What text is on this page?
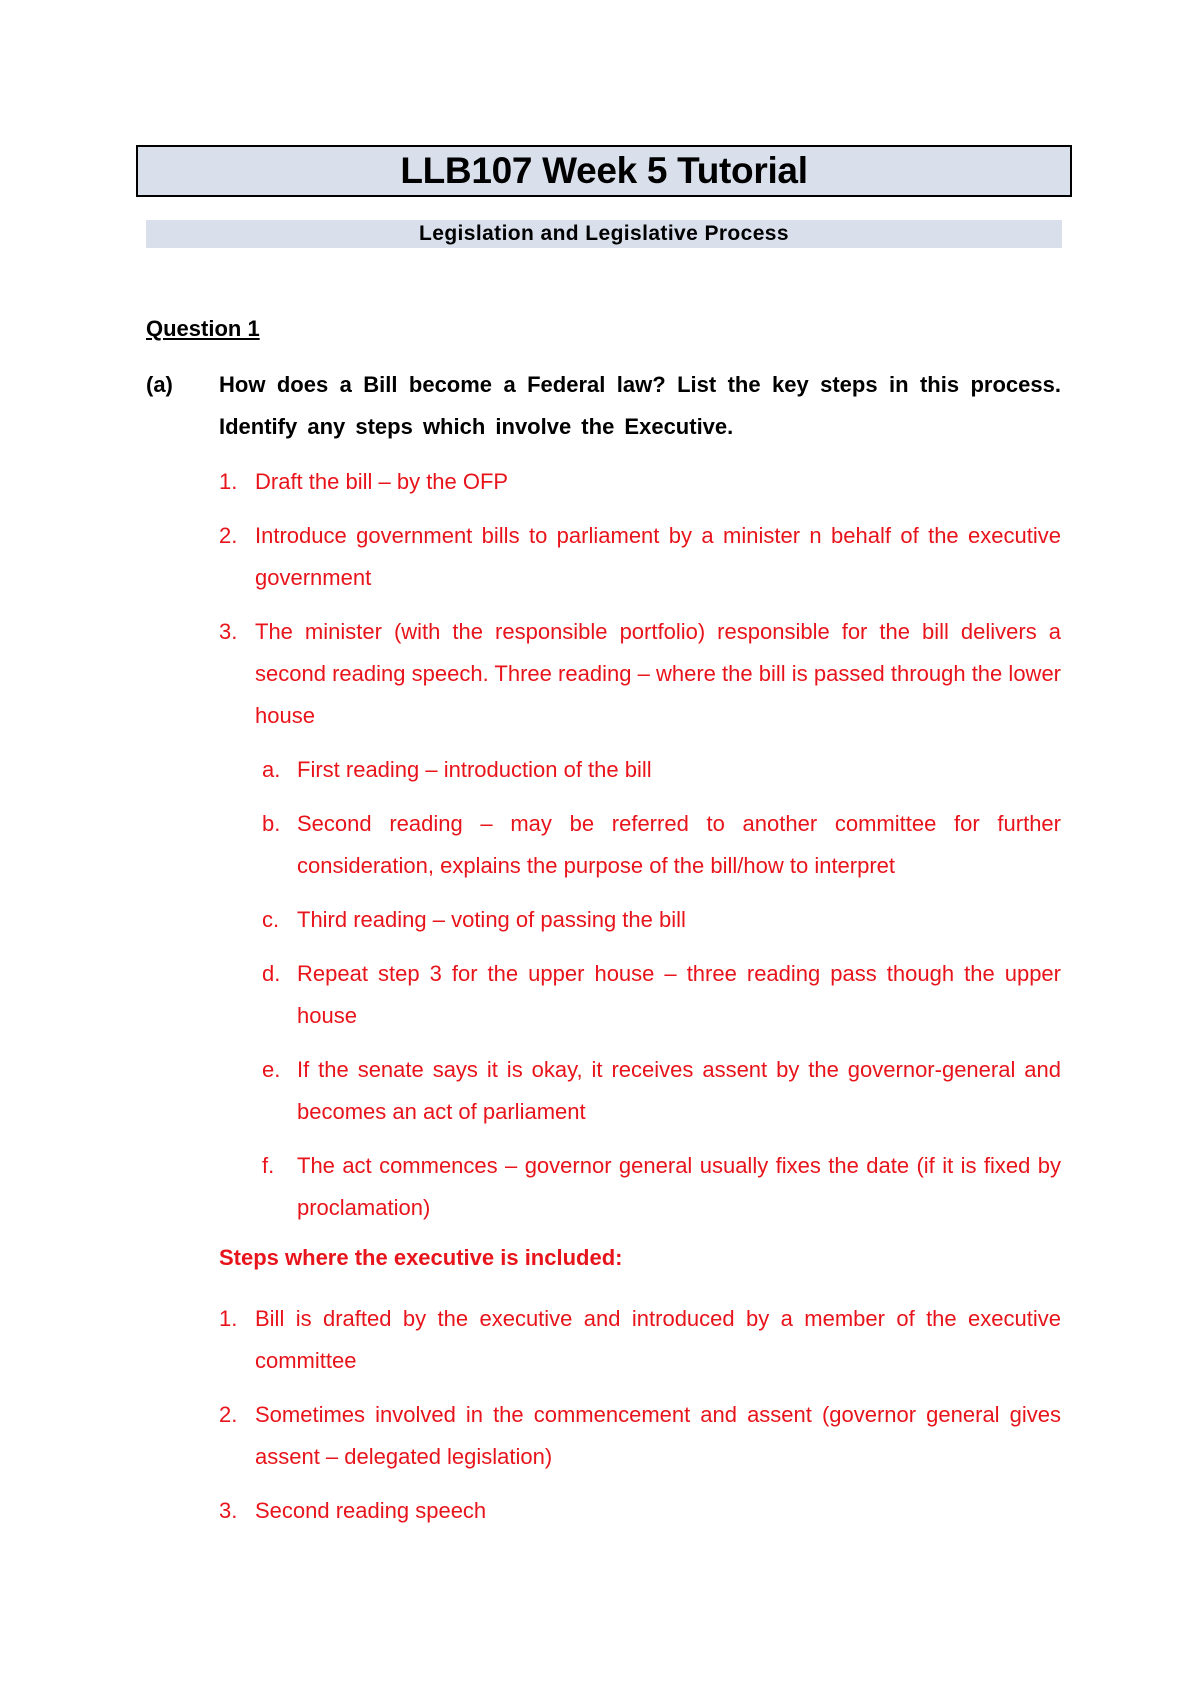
LLB107 Week 5 Tutorial
Legislation and Legislative Process
Question 1
(a) How does a Bill become a Federal law? List the key steps in this process. Identify any steps which involve the Executive.
1. Draft the bill – by the OFP
2. Introduce government bills to parliament by a minister n behalf of the executive government
3. The minister (with the responsible portfolio) responsible for the bill delivers a second reading speech. Three reading – where the bill is passed through the lower house
a. First reading – introduction of the bill
b. Second reading – may be referred to another committee for further consideration, explains the purpose of the bill/how to interpret
c. Third reading – voting of passing the bill
d. Repeat step 3 for the upper house – three reading pass though the upper house
e. If the senate says it is okay, it receives assent by the governor-general and becomes an act of parliament
f. The act commences – governor general usually fixes the date (if it is fixed by proclamation)
Steps where the executive is included:
1. Bill is drafted by the executive and introduced by a member of the executive committee
2. Sometimes involved in the commencement and assent (governor general gives assent – delegated legislation)
3. Second reading speech
